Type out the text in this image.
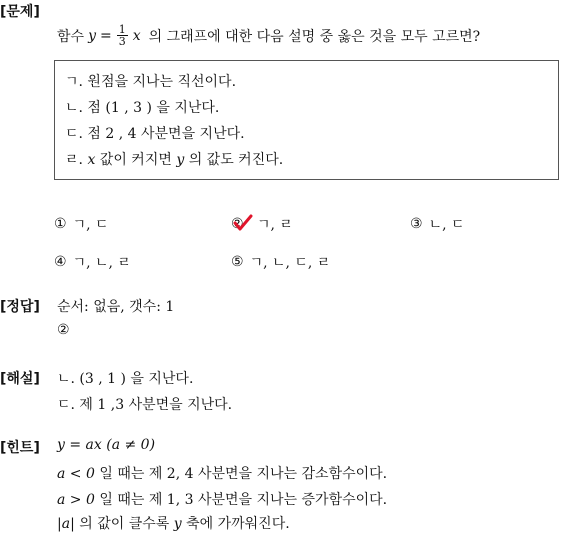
[문제]
함수 $y = \frac{1}{3}$ x 의 그래프에 대한 다음 설명 중 옳은 것을 모두 고르면?
ㄱ. 원점을 지나는 직선이다.
ㄴ. 점 (1 , 3 ) 을 지난다.
ㄷ. 점 2 , 4 사분면을 지난다.
ㄹ. x 값이 커지면 y 의 값도 커진다.
① ㄱ, ㄷ	② ㄱ, ㄹ	③ ㄴ, ㄷ
④ ㄱ, ㄴ, ㄹ	⑤ ㄱ, ㄴ, ㄷ, ㄹ
[정답] 순서: 없음, 갯수: 1
②
[해설] ㄴ. (3 , 1 ) 을 지난다.
ㄷ. 제 1 ,3 사분면을 지난다.
[힌트] y = ax (a ≠ 0)
a < 0 일 때는 제 2, 4 사분면을 지나는 감소함수이다.
a > 0 일 때는 제 1, 3 사분면을 지나는 증가함수이다.
|a| 의 값이 클수록 y 축에 가까워진다.
